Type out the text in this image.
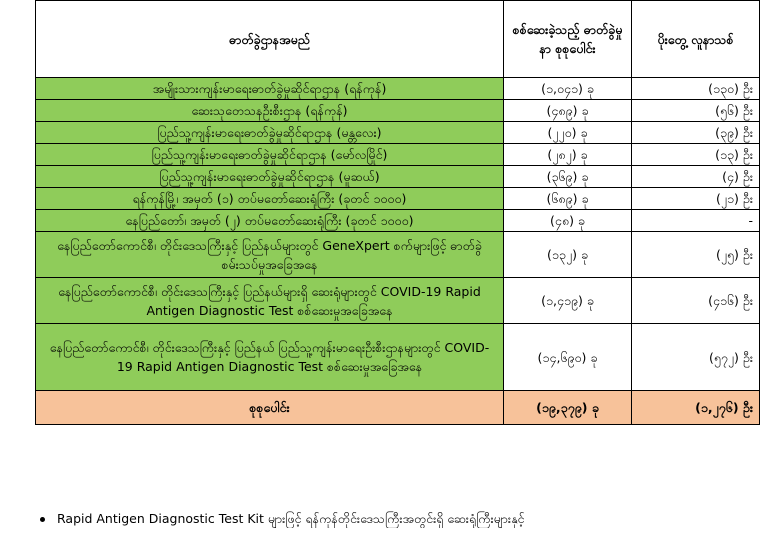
ဓာတ်ခွဲဌာနအမည်	စစ်ဆေးခဲ့သည့် ဓာတ်ခွဲမှုနာ စုစုပေါင်း	ပိုးတွေ့ လူနာသစ်
အမျိုးသားကျန်းမာရေးဓာတ်ခွဲမှုဆိုင်ရာဌာန (ရန်ကုန်)	(၁,၀၄၁) ခု	(၁၃၀) ဦး
ဆေးသုတေသနဦးစီးဌာန (ရန်ကုန်)	(၄၈၉) ခု	(၅၆) ဦး
ပြည်သူ့ကျန်းမာရေးဓာတ်ခွဲမှုဆိုင်ရာဌာန (မန္တလေး)	(၂၂၀) ခု	(၃၉) ဦး
ပြည်သူ့ကျန်းမာရေးဓာတ်ခွဲမှုဆိုင်ရာဌာန (မော်လမြိုင်)	(၂၈၂) ခု	(၁၃) ဦး
ပြည်သူ့ကျန်းမာရေးဓာတ်ခွဲမှုဆိုင်ရာဌာန (မူဆယ်)	(၃၆၉) ခု	(၄) ဦး
ရန်ကုန်မြို့၊ အမှတ် (၁) တပ်မတော်ဆေးရုံကြီး (ခုတင် ၁၀၀၀)	(၆၈၉) ခု	(၂၁) ဦး
နေပြည်တော်၊ အမှတ် (၂) တပ်မတော်ဆေးရုံကြီး (ခုတင် ၁၀၀၀)	(၄၈) ခု	-
နေပြည်တော်ကောင်စီ၊ တိုင်းဒေသကြီးနှင့် ပြည်နယ်များတွင် GeneXpert စက်များဖြင့် ဓာတ်ခွဲစမ်းသပ်မှုအခြေအနေ	(၁၃၂) ခု	(၂၅) ဦး
နေပြည်တော်ကောင်စီ၊ တိုင်းဒေသကြီးနှင့် ပြည်နယ်များရှိ ဆေးရုံများတွင် COVID-19 Rapid Antigen Diagnostic Test စစ်ဆေးမှုအခြေအနေ	(၁,၄၁၉) ခု	(၄၁၆) ဦး
နေပြည်တော်ကောင်စီ၊ တိုင်းဒေသကြီးနှင့် ပြည်နယ် ပြည်သူ့ကျန်းမာရေးဦးစီးဌာနများတွင် COVID-19 Rapid Antigen Diagnostic Test စစ်ဆေးမှုအခြေအနေ	(၁၄,၆၉၀) ခု	(၅၇၂) ဦး
စုစုပေါင်း	(၁၉,၃၇၉) ခု	(၁,၂၇၆) ဦး
Rapid Antigen Diagnostic Test Kit များဖြင့် ရန်ကုန်တိုင်းဒေသကြီးအတွင်းရှိ ဆေးရုံကြီးများနှင့်
